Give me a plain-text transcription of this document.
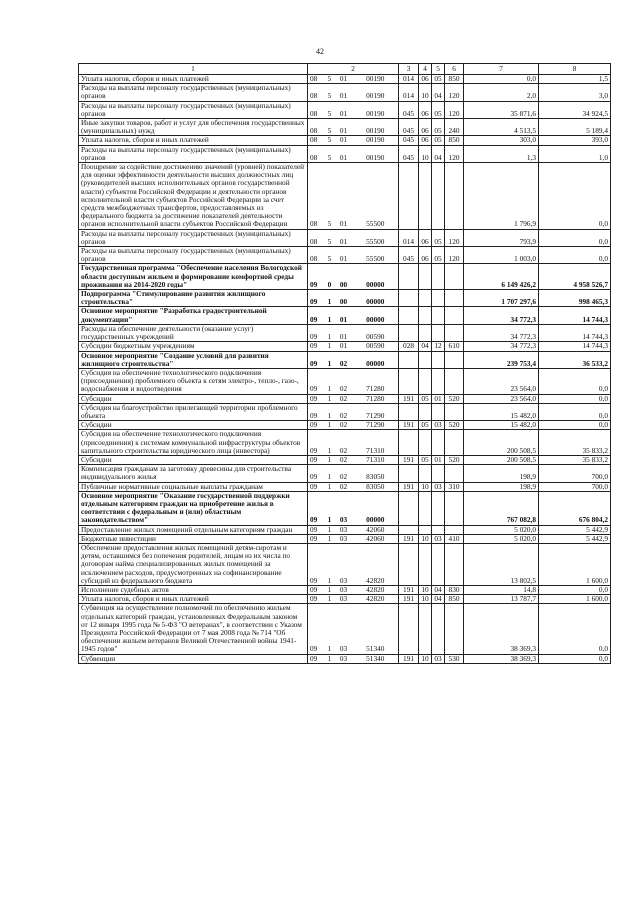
42
1	2				3	4	5	6	7	8
Уплата налогов, сборов и иных платежей	08	5	01	00190	014	06	05	850	0,0	1,5
Расходы на выплаты персоналу государственных (муниципальных) органов	08	5	01	00190	014	10	04	120	2,0	3,0
Расходы на выплаты персоналу государственных (муниципальных) органов	08	5	01	00190	045	06	05	120	35 871,6	34 924,5
Иные закупки товаров, работ и услуг для обеспечения государственных (муниципальных) нужд	08	5	01	00190	045	06	05	240	4 513,5	5 189,4
Уплата налогов, сборов и иных платежей	08	5	01	00190	045	06	05	850	303,0	393,0
Расходы на выплаты персоналу государственных (муниципальных) органов	08	5	01	00190	045	10	04	120	1,3	1,0
Поощрение за содействие достижению значений (уровней) показателей для оценки эффективности деятельности высших должностных лиц (руководителей высших исполнительных органов государственной власти) субъектов Российской Федерации и деятельности органов исполнительной власти субъектов Российской Федерации за счет средств межбюджетных трансфертов, предоставляемых из федерального бюджета за достижение показателей деятельности органов исполнительной власти субъектов Российской Федерации	08	5	01	55500					1 796,9	0,0
Расходы на выплаты персоналу государственных (муниципальных) органов	08	5	01	55500	014	06	05	120	793,9	0,0
Расходы на выплаты персоналу государственных (муниципальных) органов	08	5	01	55500	045	06	05	120	1 003,0	0,0
Государственная программа "Обеспечение населения Вологодской области доступным жильем и формирование комфортной среды проживания на 2014-2020 годы"	09	0	00	00000					6 149 426,2	4 958 526,7
Подпрограмма "Стимулирование развития жилищного строительства"	09	1	00	00000					1 707 297,6	998 465,3
Основное мероприятие "Разработка градостроительной документации"	09	1	01	00000					34 772,3	14 744,3
Расходы на обеспечение деятельности (оказание услуг) государственных учреждений	09	1	01	00590					34 772,3	14 744,3
Субсидии бюджетным учреждениям	09	1	01	00590	028	04	12	610	34 772,3	14 744,3
Основное мероприятие "Создание условий для развития жилищного строительства"	09	1	02	00000					239 753,4	36 533,2
Субсидия на обеспечение технологического подключения (присоединения) проблемного объекта к сетям электро-, тепло-, газо-, водоснабжения и водоотведения	09	1	02	71280					23 564,0	0,0
Субсидии	09	1	02	71280	191	05	01	520	23 564,0	0,0
Субсидия на благоустройство прилегающей территории проблемного объекта	09	1	02	71290					15 482,0	0,0
Субсидии	09	1	02	71290	191	05	03	520	15 482,0	0,0
Субсидия на обеспечение технологического подключения (присоединения) к системам коммунальной инфраструктуры объектов капитального строительства юридического лица (инвестора)	09	1	02	71310					200 508,5	35 833,2
Субсидии	09	1	02	71310	191	05	01	520	200 508,5	35 833,2
Компенсация гражданам за заготовку древесины для строительства индивидуального жилья	09	1	02	83050					198,9	700,0
Публичные нормативные социальные выплаты гражданам	09	1	02	83050	191	10	03	310	198,9	700,0
Основное мероприятие "Оказание государственной поддержки отдельным категориям граждан на приобретение жилья в соответствии с федеральным и (или) областным законодательством"	09	1	03	00000					767 082,8	676 804,2
Предоставление жилых помещений отдельным категориям граждан	09	1	03	42060					5 020,0	5 442,9
Бюджетные инвестиции	09	1	03	42060	191	10	03	410	5 020,0	5 442,9
Обеспечение предоставления жилых помещений детям-сиротам и детям, оставшимся без попечения родителей, лицам из их числа по договорам найма специализированных жилых помещений за исключением расходов, предусмотренных на софинансирование субсидий из федерального бюджета	09	1	03	42820					13 802,5	1 600,0
Исполнение судебных актов	09	1	03	42820	191	10	04	830	14,8	0,0
Уплата налогов, сборов и иных платежей	09	1	03	42820	191	10	04	850	13 787,7	1 600,0
Субвенция на осуществление полномочий по обеспечению жильем отдельных категорий граждан, установленных Федеральным законом от 12 января 1995 года № 5-ФЗ "О ветеранах", в соответствии с Указом Президента Российской Федерации от 7 мая 2008 года № 714 "Об обеспечении жильем ветеранов Великой Отечественной войны 1941-1945 годов"	09	1	03	51340					38 369,3	0,0
Субвенции	09	1	03	51340	191	10	03	530	38 369,3	0,0
